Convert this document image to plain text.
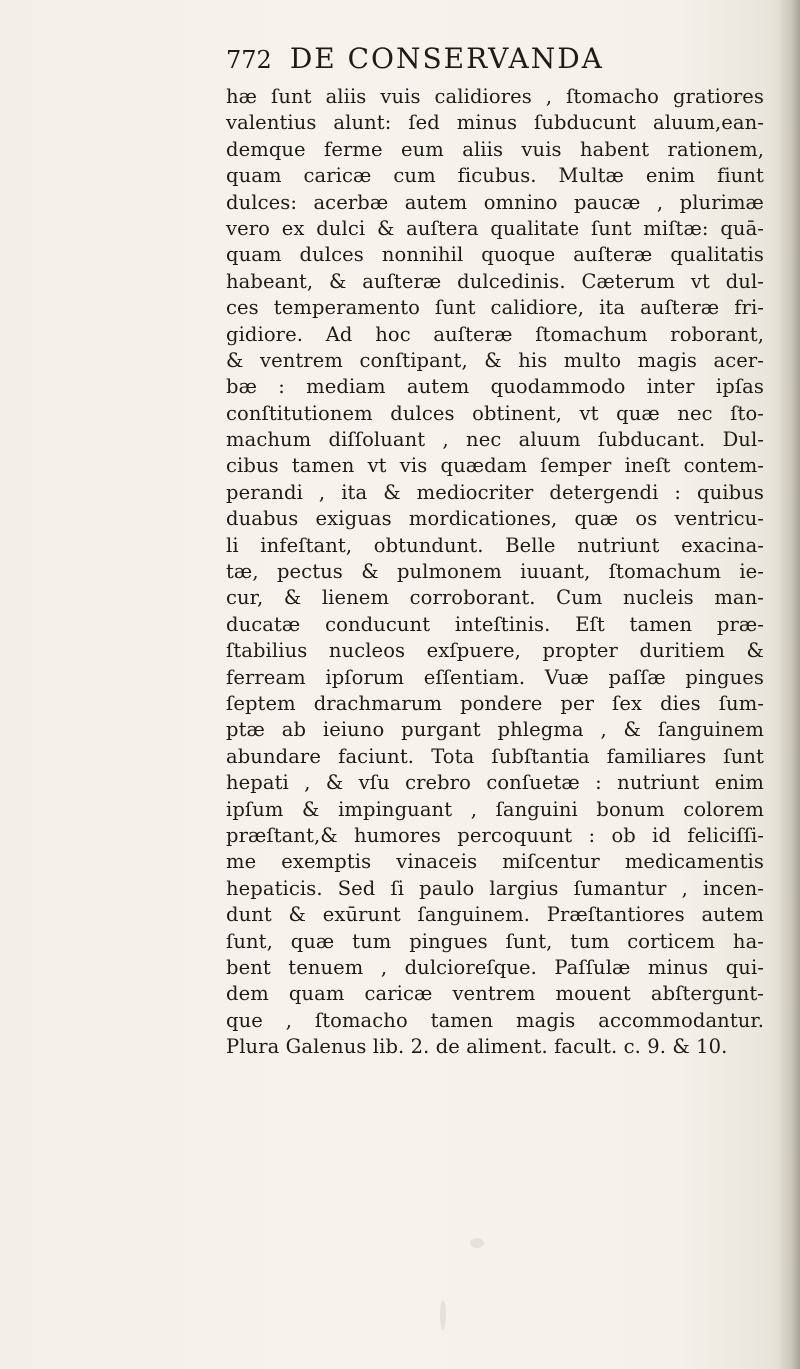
772 DE CONSERVANDA
hæ ſunt aliis vuis calidiores , ſtomacho gratiores
valentius alunt: ſed minus ſubducunt aluum,ean-
demque ferme eum aliis vuis habent rationem,
quam caricæ cum ficubus. Multæ enim fiunt
dulces: acerbæ autem omnino paucæ , plurimæ
vero ex dulci & auſtera qualitate ſunt miſtæ: quā-
quam dulces nonnihil quoque auſteræ qualitatis
habeant, & auſteræ dulcedinis. Cæterum vt dul-
ces temperamento ſunt calidiore, ita auſteræ fri-
gidiore. Ad hoc auſteræ ſtomachum roborant,
& ventrem conſtipant, & his multo magis acer-
bæ : mediam autem quodammodo inter ipſas
conſtitutionem dulces obtinent, vt quæ nec ſto-
machum diſſoluant , nec aluum ſubducant. Dul-
cibus tamen vt vis quædam ſemper ineſt contem-
perandi , ita & mediocriter detergendi : quibus
duabus exiguas mordicationes, quæ os ventricu-
li infeſtant, obtundunt. Belle nutriunt exacina-
tæ, pectus & pulmonem iuuant, ſtomachum ie-
cur, & lienem corroborant. Cum nucleis man-
ducatæ conducunt inteſtinis. Eſt tamen præ-
ſtabilius nucleos exſpuere, propter duritiem &
ferream ipſorum eſſentiam. Vuæ paſſæ pingues
ſeptem drachmarum pondere per ſex dies ſum-
ptæ ab ieiuno purgant phlegma , & ſanguinem
abundare faciunt. Tota ſubſtantia familiares ſunt
hepati , & vſu crebro conſuetæ : nutriunt enim
ipſum & impinguant , ſanguini bonum colorem
præſtant,& humores percoquunt : ob id feliciſſi-
me exemptis vinaceis miſcentur medicamentis
hepaticis. Sed ſi paulo largius ſumantur , incen-
dunt & exūrunt ſanguinem. Præſtantiores autem
ſunt, quæ tum pingues ſunt, tum corticem ha-
bent tenuem , dulcioreſque. Paſſulæ minus qui-
dem quam caricæ ventrem mouent abſtergunt-
que , ſtomacho tamen magis accommodantur.
Plura Galenus lib. 2. de aliment. facult. c. 9. & 10.
